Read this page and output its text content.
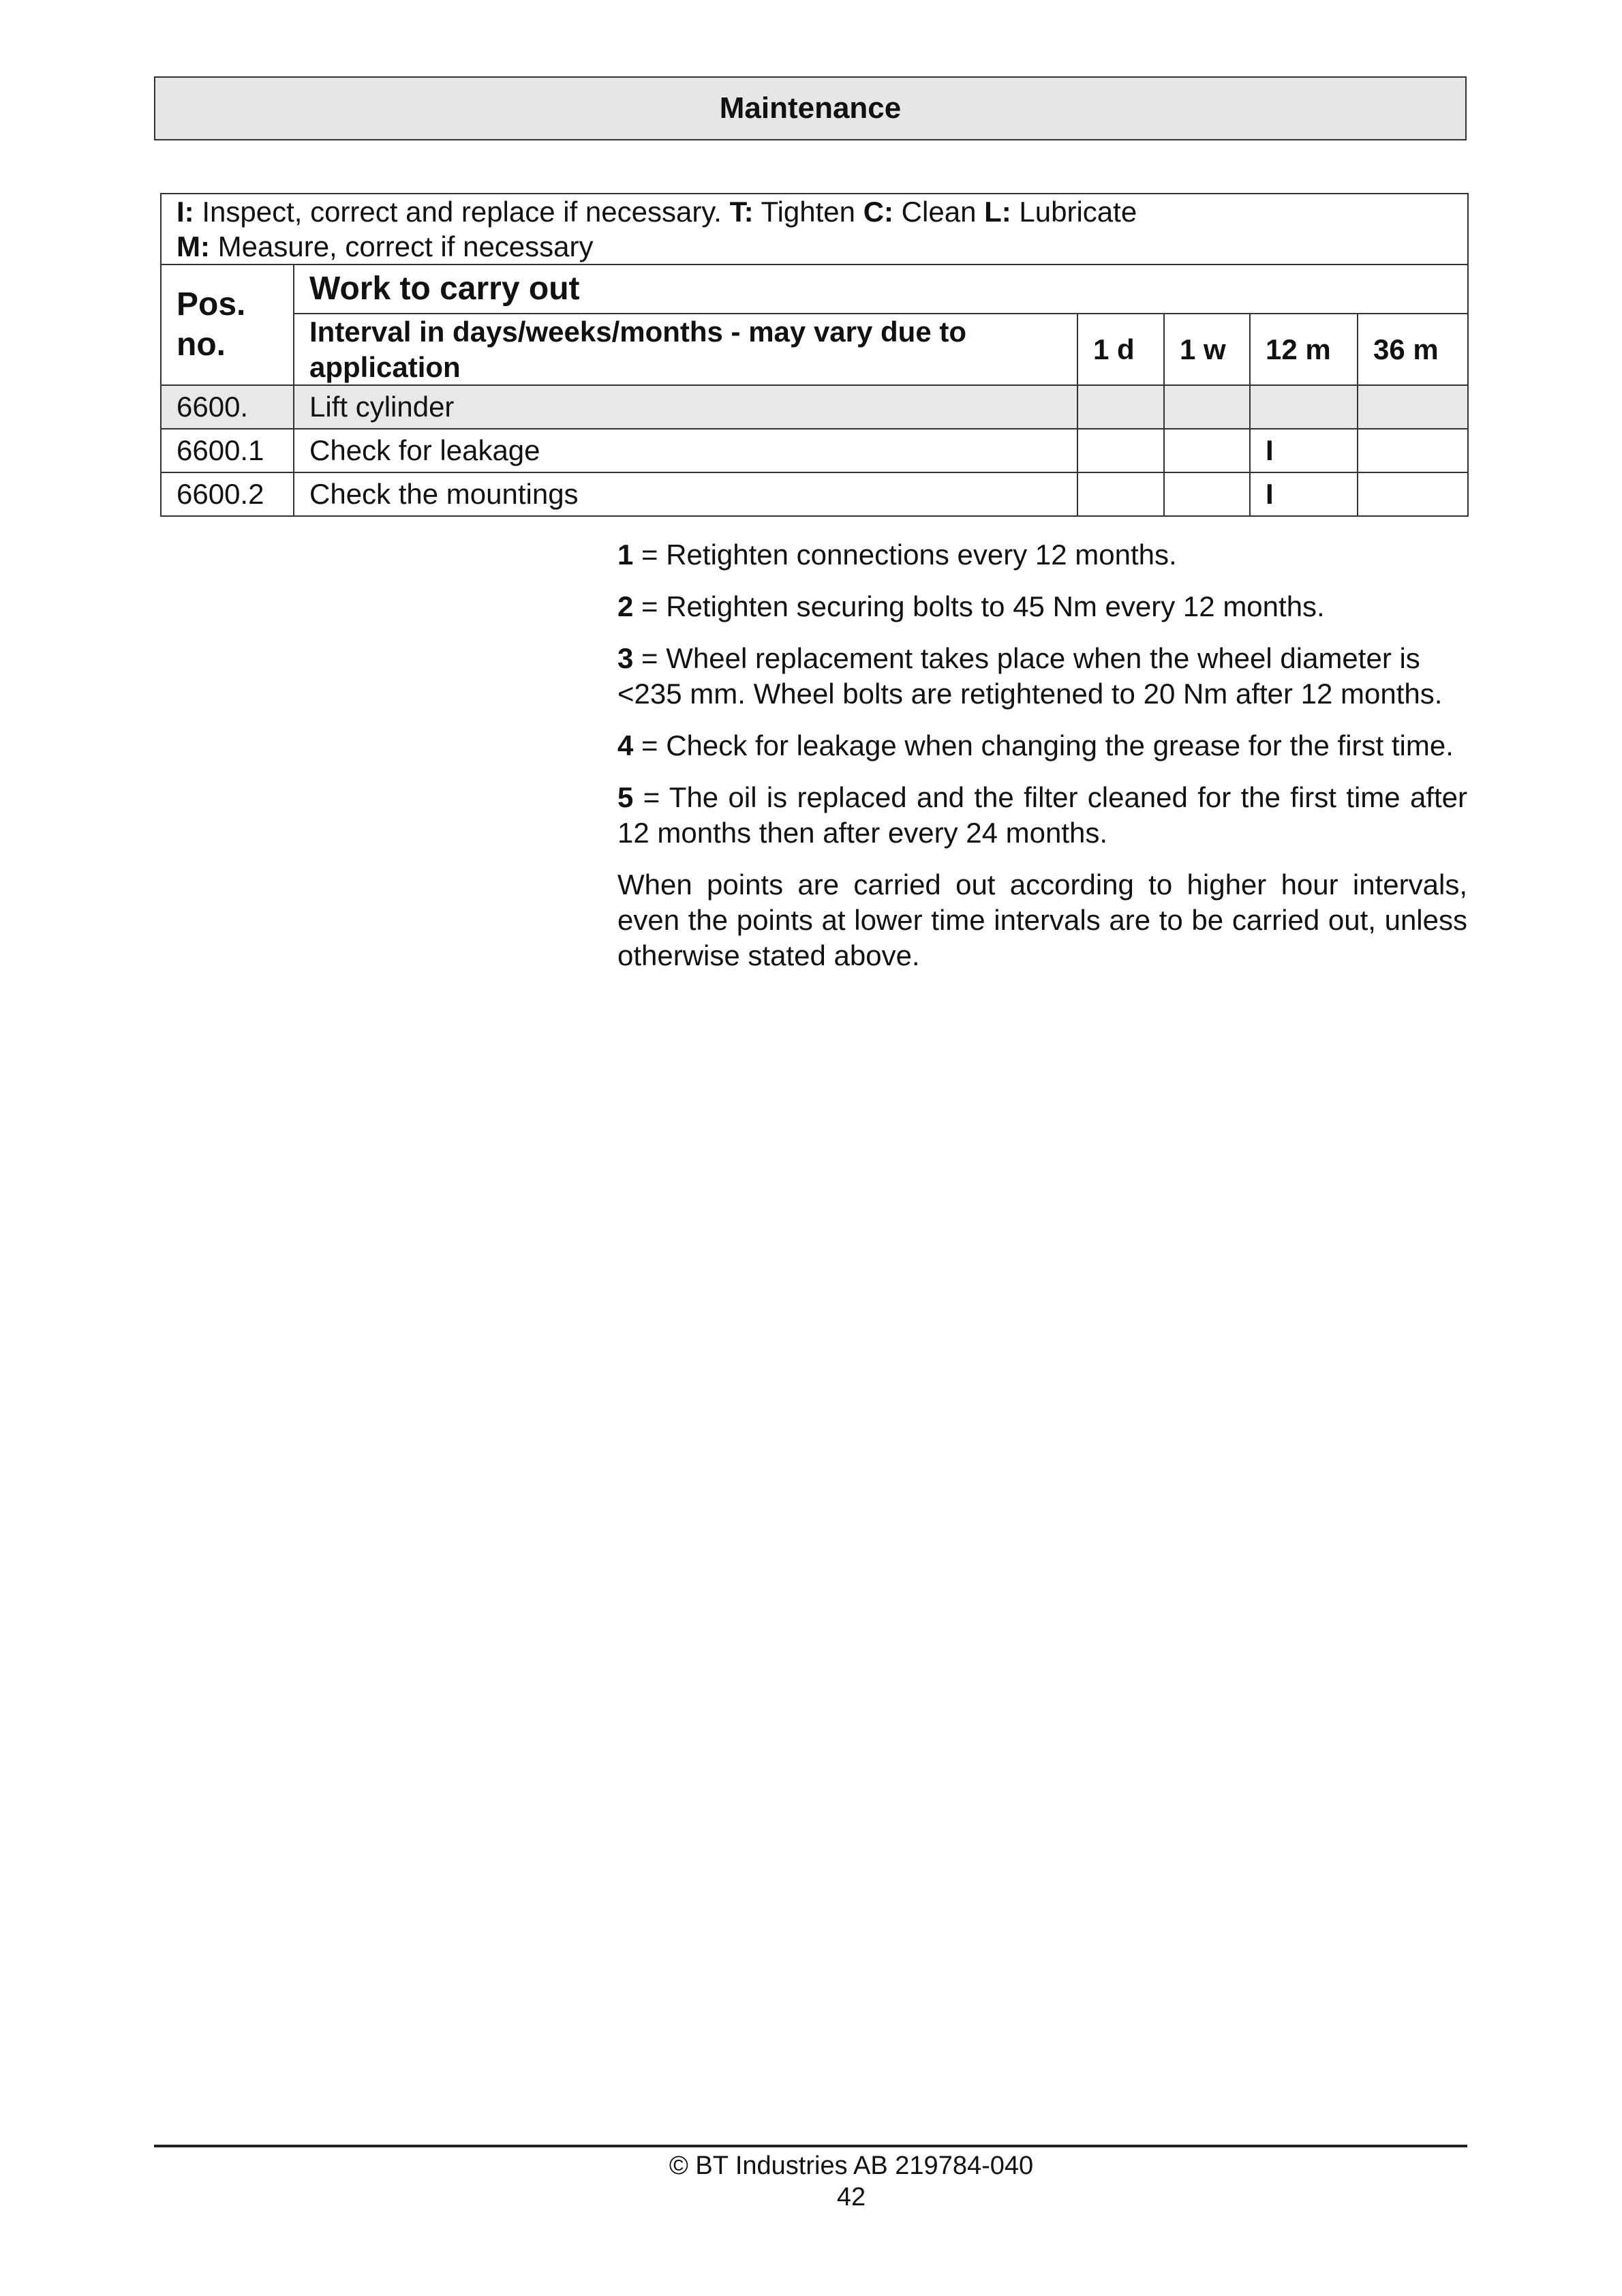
Maintenance
I: Inspect, correct and replace if necessary. T: Tighten C: Clean L: Lubricate
M: Measure, correct if necessary					

Pos.
no.	Work to carry out				
	Interval in days/weeks/months - may vary due to application	1 d	1 w	12 m	36 m
6600.	Lift cylinder				
6600.1	Check for leakage			I	
6600.2	Check the mountings			I	

1 = Retighten connections every 12 months.

2 = Retighten securing bolts to 45 Nm every 12 months.

3 = Wheel replacement takes place when the wheel diameter is <235 mm. Wheel bolts are retightened to 20 Nm after 12 months.

4 = Check for leakage when changing the grease for the first time.

5 = The oil is replaced and the filter cleaned for the first time after 12 months then after every 24 months.

When points are carried out according to higher hour intervals, even the points at lower time intervals are to be carried out, unless otherwise stated above.

© BT Industries AB 219784-040
42
